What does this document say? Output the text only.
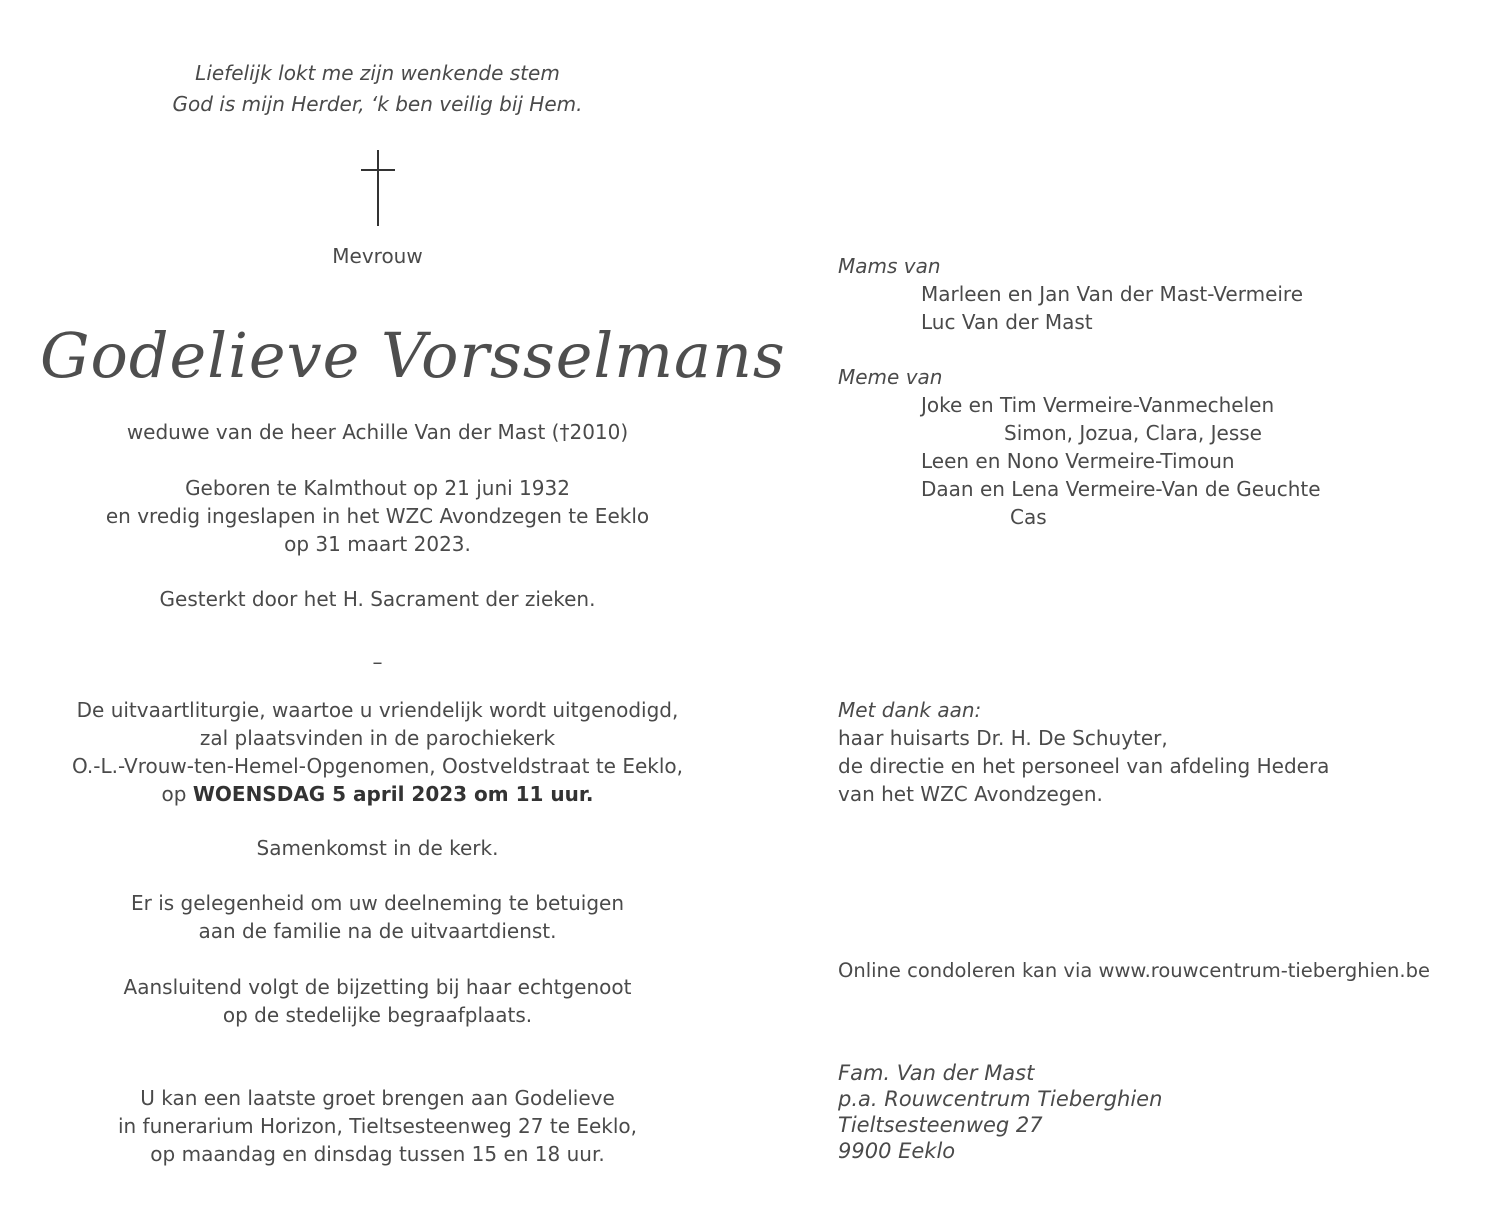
Liefelijk lokt me zijn wenkende stem
God is mijn Herder, ‘k ben veilig bij Hem.
Mevrouw
Godelieve Vorsselmans
weduwe van de heer Achille Van der Mast (†2010)
Geboren te Kalmthout op 21 juni 1932
en vredig ingeslapen in het WZC Avondzegen te Eeklo
op 31 maart 2023.
Gesterkt door het H. Sacrament der zieken.
–
De uitvaartliturgie, waartoe u vriendelijk wordt uitgenodigd,
zal plaatsvinden in de parochiekerk
O.-L.-Vrouw-ten-Hemel-Opgenomen, Oostveldstraat te Eeklo,
op WOENSDAG 5 april 2023 om 11 uur.
Samenkomst in de kerk.
Er is gelegenheid om uw deelneming te betuigen
aan de familie na de uitvaartdienst.
Aansluitend volgt de bijzetting bij haar echtgenoot
op de stedelijke begraafplaats.
U kan een laatste groet brengen aan Godelieve
in funerarium Horizon, Tieltsesteenweg 27 te Eeklo,
op maandag en dinsdag tussen 15 en 18 uur.
Mams van
Marleen en Jan Van der Mast-Vermeire
Luc Van der Mast
Meme van
Joke en Tim Vermeire-Vanmechelen
Simon, Jozua, Clara, Jesse
Leen en Nono Vermeire-Timoun
Daan en Lena Vermeire-Van de Geuchte
Cas
Met dank aan:
haar huisarts Dr. H. De Schuyter,
de directie en het personeel van afdeling Hedera
van het WZC Avondzegen.
Online condoleren kan via www.rouwcentrum-tieberghien.be
Fam. Van der Mast
p.a. Rouwcentrum Tieberghien
Tieltsesteenweg 27
9900 Eeklo
